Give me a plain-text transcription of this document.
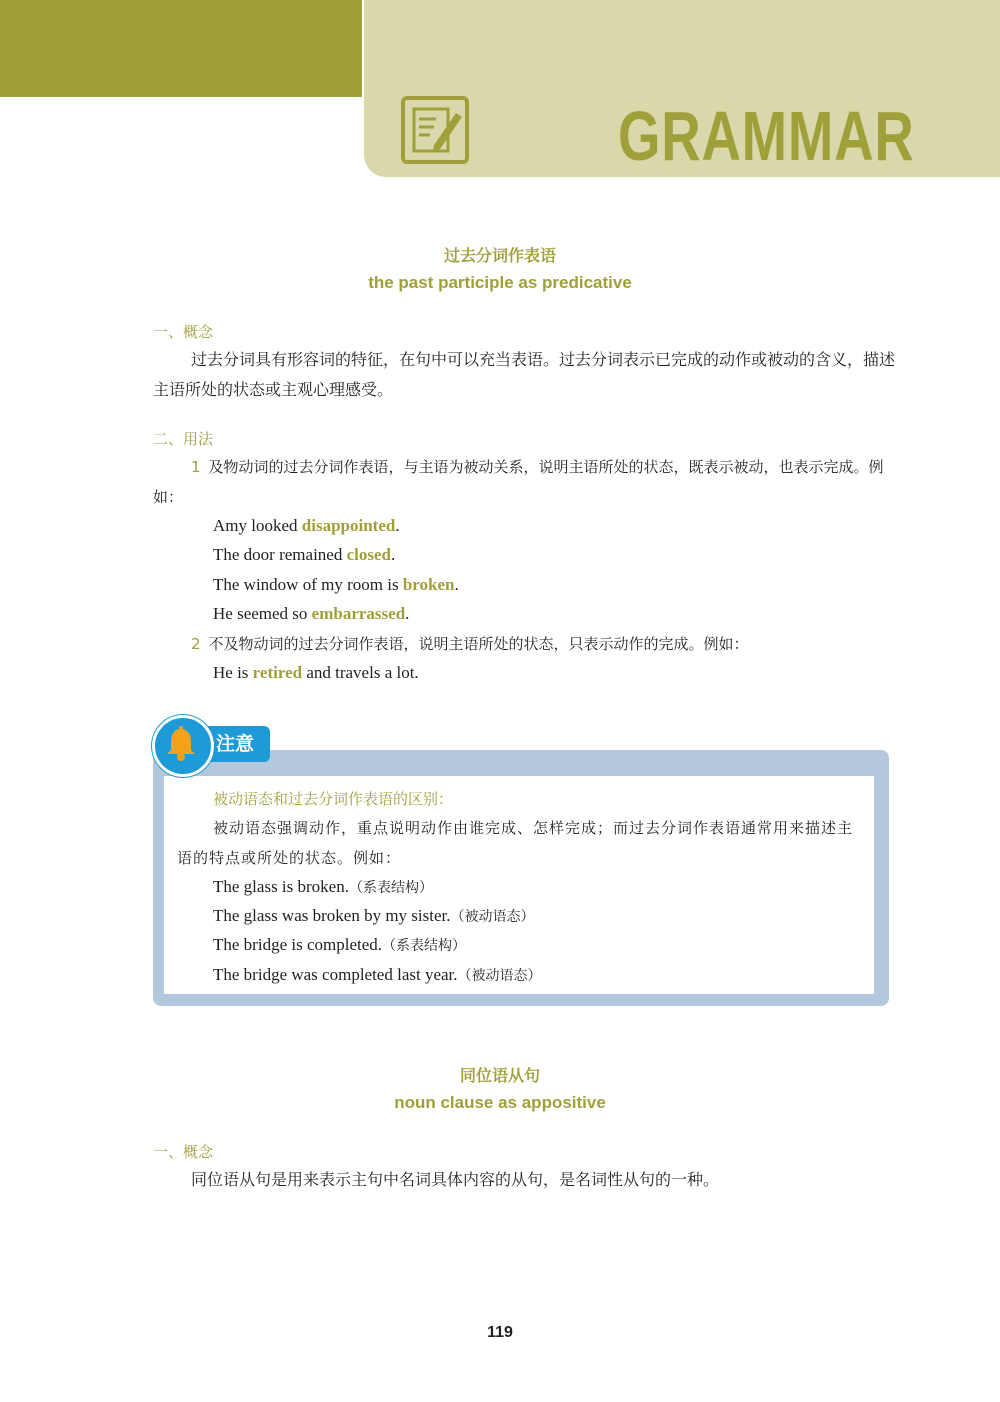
GRAMMAR
过去分词作表语
the past participle as predicative
一、概念

过去分词具有形容词的特征，在句中可以充当表语。过去分词表示已完成的动作或被动的含义，描述主语所处的状态或主观心理感受。

二、用法

1 及物动词的过去分词作表语，与主语为被动关系，说明主语所处的状态，既表示被动，也表示完成。例如：

Amy looked disappointed.
The door remained closed.
The window of my room is broken.
He seemed so embarrassed.

2 不及物动词的过去分词作表语，说明主语所处的状态，只表示动作的完成。例如：

He is retired and travels a lot.
注意
被动语态和过去分词作表语的区别：

被动语态强调动作，重点说明动作由谁完成、怎样完成；而过去分词作表语通常用来描述主语的特点或所处的状态。例如：

The glass is broken.（系表结构）
The glass was broken by my sister.（被动语态）
The bridge is completed.（系表结构）
The bridge was completed last year.（被动语态）
同位语从句
noun clause as appositive
一、概念

同位语从句是用来表示主句中名词具体内容的从句，是名词性从句的一种。

119
